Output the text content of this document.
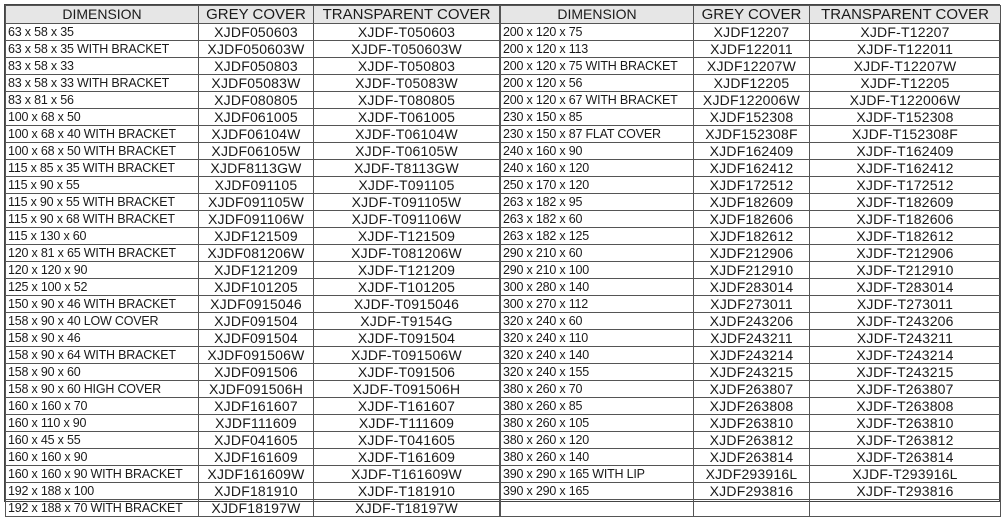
DIMENSION	GREY COVER	TRANSPARENT COVER
63 x 58 x 35	XJDF050603	XJDF-T050603
63 x 58 x 35 WITH BRACKET	XJDF050603W	XJDF-T050603W
83 x 58 x 33	XJDF050803	XJDF-T050803
83 x 58 x 33 WITH BRACKET	XJDF05083W	XJDF-T05083W
83 x 81 x 56	XJDF080805	XJDF-T080805
100 x 68 x 50	XJDF061005	XJDF-T061005
100 x 68 x 40 WITH BRACKET	XJDF06104W	XJDF-T06104W
100 x 68 x 50 WITH BRACKET	XJDF06105W	XJDF-T06105W
115 x 85 x 35 WITH BRACKET	XJDF8113GW	XJDF-T8113GW
115 x 90 x 55	XJDF091105	XJDF-T091105
115 x 90 x 55 WITH BRACKET	XJDF091105W	XJDF-T091105W
115 x 90 x 68 WITH BRACKET	XJDF091106W	XJDF-T091106W
115 x 130 x 60	XJDF121509	XJDF-T121509
120 x 81 x 65 WITH BRACKET	XJDF081206W	XJDF-T081206W
120 x 120 x 90	XJDF121209	XJDF-T121209
125 x 100 x 52	XJDF101205	XJDF-T101205
150 x 90 x 46 WITH BRACKET	XJDF0915046	XJDF-T0915046
158 x 90 x 40 LOW COVER	XJDF091504	XJDF-T9154G
158 x 90 x 46	XJDF091504	XJDF-T091504
158 x 90 x 64 WITH BRACKET	XJDF091506W	XJDF-T091506W
158 x 90 x 60	XJDF091506	XJDF-T091506
158 x 90 x 60 HIGH COVER	XJDF091506H	XJDF-T091506H
160 x 160 x 70	XJDF161607	XJDF-T161607
160 x 110 x 90	XJDF111609	XJDF-T111609
160 x 45 x 55	XJDF041605	XJDF-T041605
160 x 160 x 90	XJDF161609	XJDF-T161609
160 x 160 x 90 WITH BRACKET	XJDF161609W	XJDF-T161609W
192 x 188 x 100	XJDF181910	XJDF-T181910
192 x 188 x 70 WITH BRACKET	XJDF18197W	XJDF-T18197W
DIMENSION	GREY COVER	TRANSPARENT COVER
200 x 120 x 75	XJDF12207	XJDF-T12207
200 x 120 x 113	XJDF122011	XJDF-T122011
200 x 120 x 75 WITH BRACKET	XJDF12207W	XJDF-T12207W
200 x 120 x 56	XJDF12205	XJDF-T12205
200 x 120 x 67 WITH BRACKET	XJDF122006W	XJDF-T122006W
230 x 150 x 85	XJDF152308	XJDF-T152308
230 x 150 x 87 FLAT COVER	XJDF152308F	XJDF-T152308F
240 x 160 x 90	XJDF162409	XJDF-T162409
240 x 160 x 120	XJDF162412	XJDF-T162412
250 x 170 x 120	XJDF172512	XJDF-T172512
263 x 182 x 95	XJDF182609	XJDF-T182609
263 x 182 x 60	XJDF182606	XJDF-T182606
263 x 182 x 125	XJDF182612	XJDF-T182612
290 x 210 x 60	XJDF212906	XJDF-T212906
290 x 210 x 100	XJDF212910	XJDF-T212910
300 x 280 x 140	XJDF283014	XJDF-T283014
300 x 270 x 112	XJDF273011	XJDF-T273011
320 x 240 x 60	XJDF243206	XJDF-T243206
320 x 240 x 110	XJDF243211	XJDF-T243211
320 x 240 x 140	XJDF243214	XJDF-T243214
320 x 240 x 155	XJDF243215	XJDF-T243215
380 x 260 x 70	XJDF263807	XJDF-T263807
380 x 260 x 85	XJDF263808	XJDF-T263808
380 x 260 x 105	XJDF263810	XJDF-T263810
380 x 260 x 120	XJDF263812	XJDF-T263812
380 x 260 x 140	XJDF263814	XJDF-T263814
390 x 290 x 165 WITH LIP	XJDF293916L	XJDF-T293916L
390 x 290 x 165	XJDF293816	XJDF-T293816
